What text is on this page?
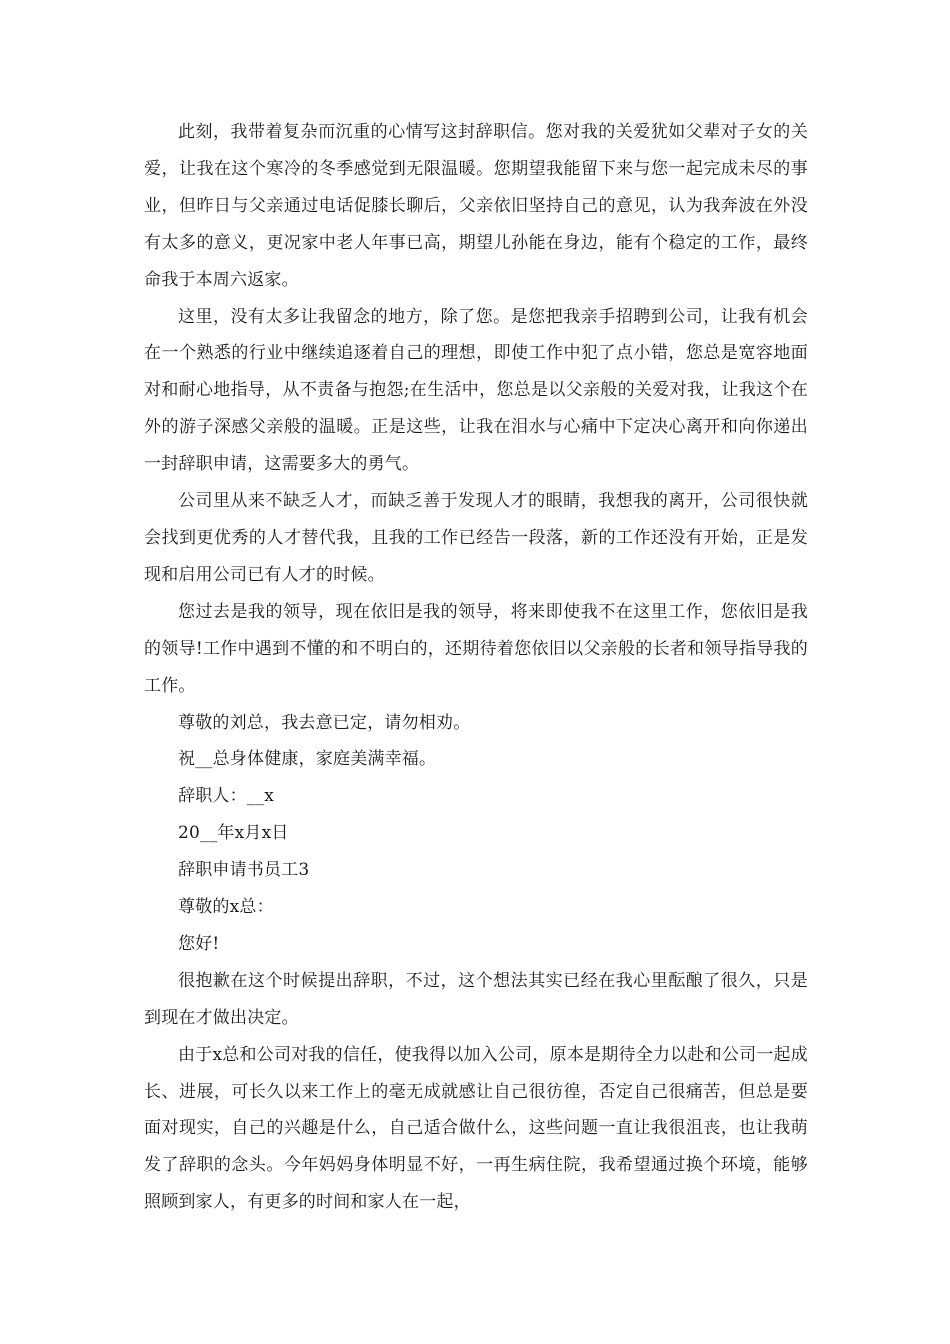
此刻，我带着复杂而沉重的心情写这封辞职信。您对我的关爱犹如父辈对子女的关爱，让我在这个寒冷的冬季感觉到无限温暖。您期望我能留下来与您一起完成未尽的事业，但昨日与父亲通过电话促膝长聊后，父亲依旧坚持自己的意见，认为我奔波在外没有太多的意义，更况家中老人年事已高，期望儿孙能在身边，能有个稳定的工作，最终命我于本周六返家。

这里，没有太多让我留念的地方，除了您。是您把我亲手招聘到公司，让我有机会在一个熟悉的行业中继续追逐着自己的理想，即使工作中犯了点小错，您总是宽容地面对和耐心地指导，从不责备与抱怨;在生活中，您总是以父亲般的关爱对我，让我这个在外的游子深感父亲般的温暖。正是这些，让我在泪水与心痛中下定决心离开和向你递出一封辞职申请，这需要多大的勇气。

公司里从来不缺乏人才，而缺乏善于发现人才的眼睛，我想我的离开，公司很快就会找到更优秀的人才替代我，且我的工作已经告一段落，新的工作还没有开始，正是发现和启用公司已有人才的时候。

您过去是我的领导，现在依旧是我的领导，将来即使我不在这里工作，您依旧是我的领导!工作中遇到不懂的和不明白的，还期待着您依旧以父亲般的长者和领导指导我的工作。

尊敬的刘总，我去意已定，请勿相劝。

祝__总身体健康，家庭美满幸福。

辞职人：__x

20__年x月x日

辞职申请书员工3

尊敬的x总：

您好!

很抱歉在这个时候提出辞职，不过，这个想法其实已经在我心里酝酿了很久，只是到现在才做出决定。

由于x总和公司对我的信任，使我得以加入公司，原本是期待全力以赴和公司一起成长、进展，可长久以来工作上的毫无成就感让自己很彷徨，否定自己很痛苦，但总是要面对现实，自己的兴趣是什么，自己适合做什么，这些问题一直让我很沮丧，也让我萌发了辞职的念头。今年妈妈身体明显不好，一再生病住院，我希望通过换个环境，能够照顾到家人，有更多的时间和家人在一起，
